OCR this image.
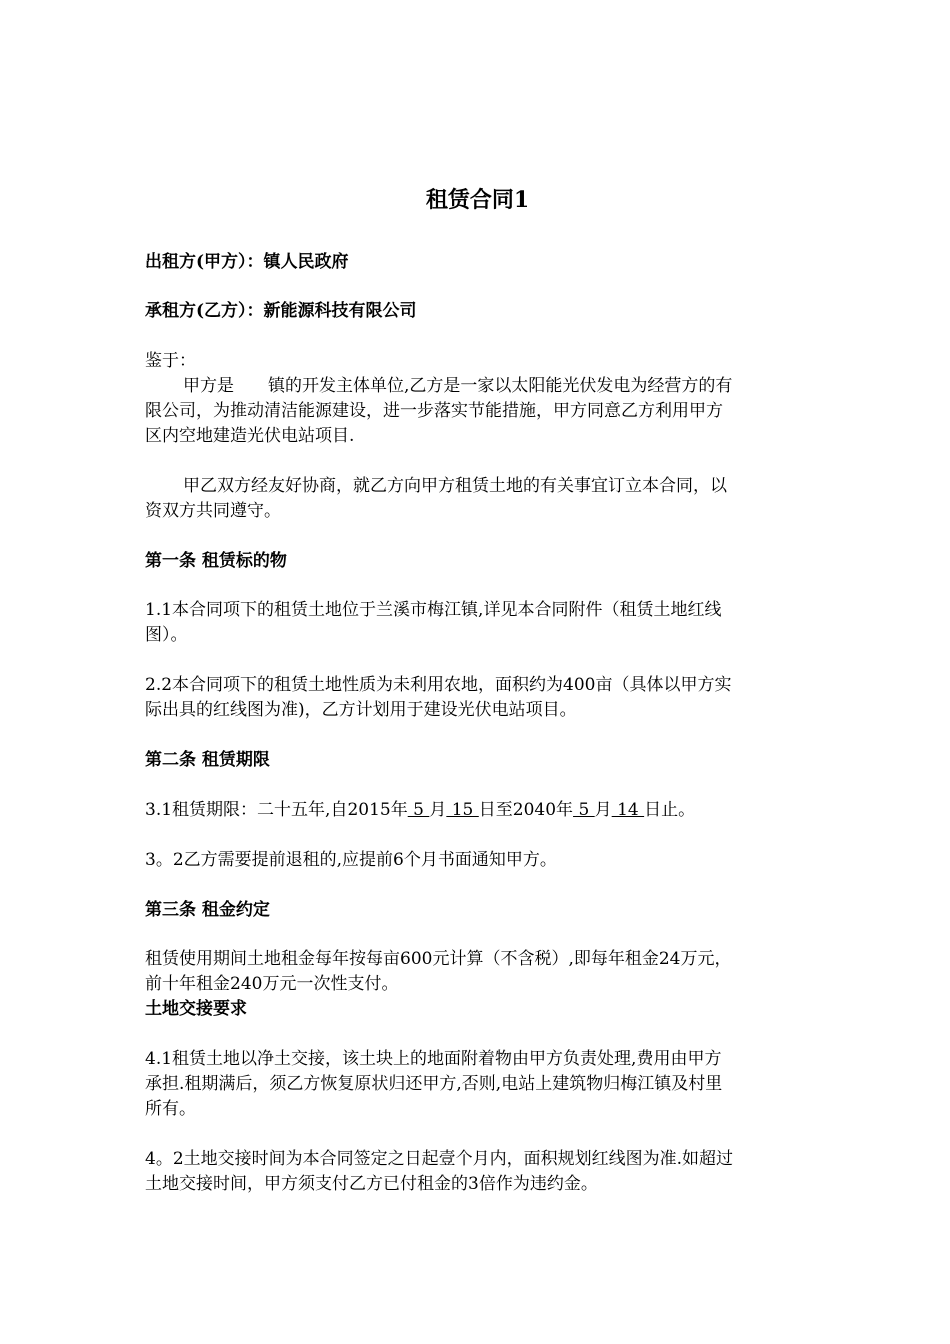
租赁合同1
出租方(甲方）：镇人民政府
承租方(乙方）：新能源科技有限公司
鉴于：
甲方是　　镇的开发主体单位,乙方是一家以太阳能光伏发电为经营方的有
限公司，为推动清洁能源建设，进一步落实节能措施，甲方同意乙方利用甲方
区内空地建造光伏电站项目.
甲乙双方经友好协商，就乙方向甲方租赁土地的有关事宜订立本合同，以
资双方共同遵守。
第一条 租赁标的物
1.1本合同项下的租赁土地位于兰溪市梅江镇,详见本合同附件（租赁土地红线
图）。
2.2本合同项下的租赁土地性质为未利用农地，面积约为400亩（具体以甲方实
际出具的红线图为准)，乙方计划用于建设光伏电站项目。
第二条 租赁期限
3.1租赁期限：二十五年,自2015年 5 月 15 日至2040年 5 月 14 日止。
3。2乙方需要提前退租的,应提前6个月书面通知甲方。
第三条 租金约定
租赁使用期间土地租金每年按每亩600元计算（不含税）,即每年租金24万元，
前十年租金240万元一次性支付。
土地交接要求
4.1租赁土地以净土交接，该土块上的地面附着物由甲方负责处理,费用由甲方
承担.租期满后，须乙方恢复原状归还甲方,否则,电站上建筑物归梅江镇及村里
所有。
4。2土地交接时间为本合同签定之日起壹个月内，面积规划红线图为准.如超过
土地交接时间，甲方须支付乙方已付租金的3倍作为违约金。
